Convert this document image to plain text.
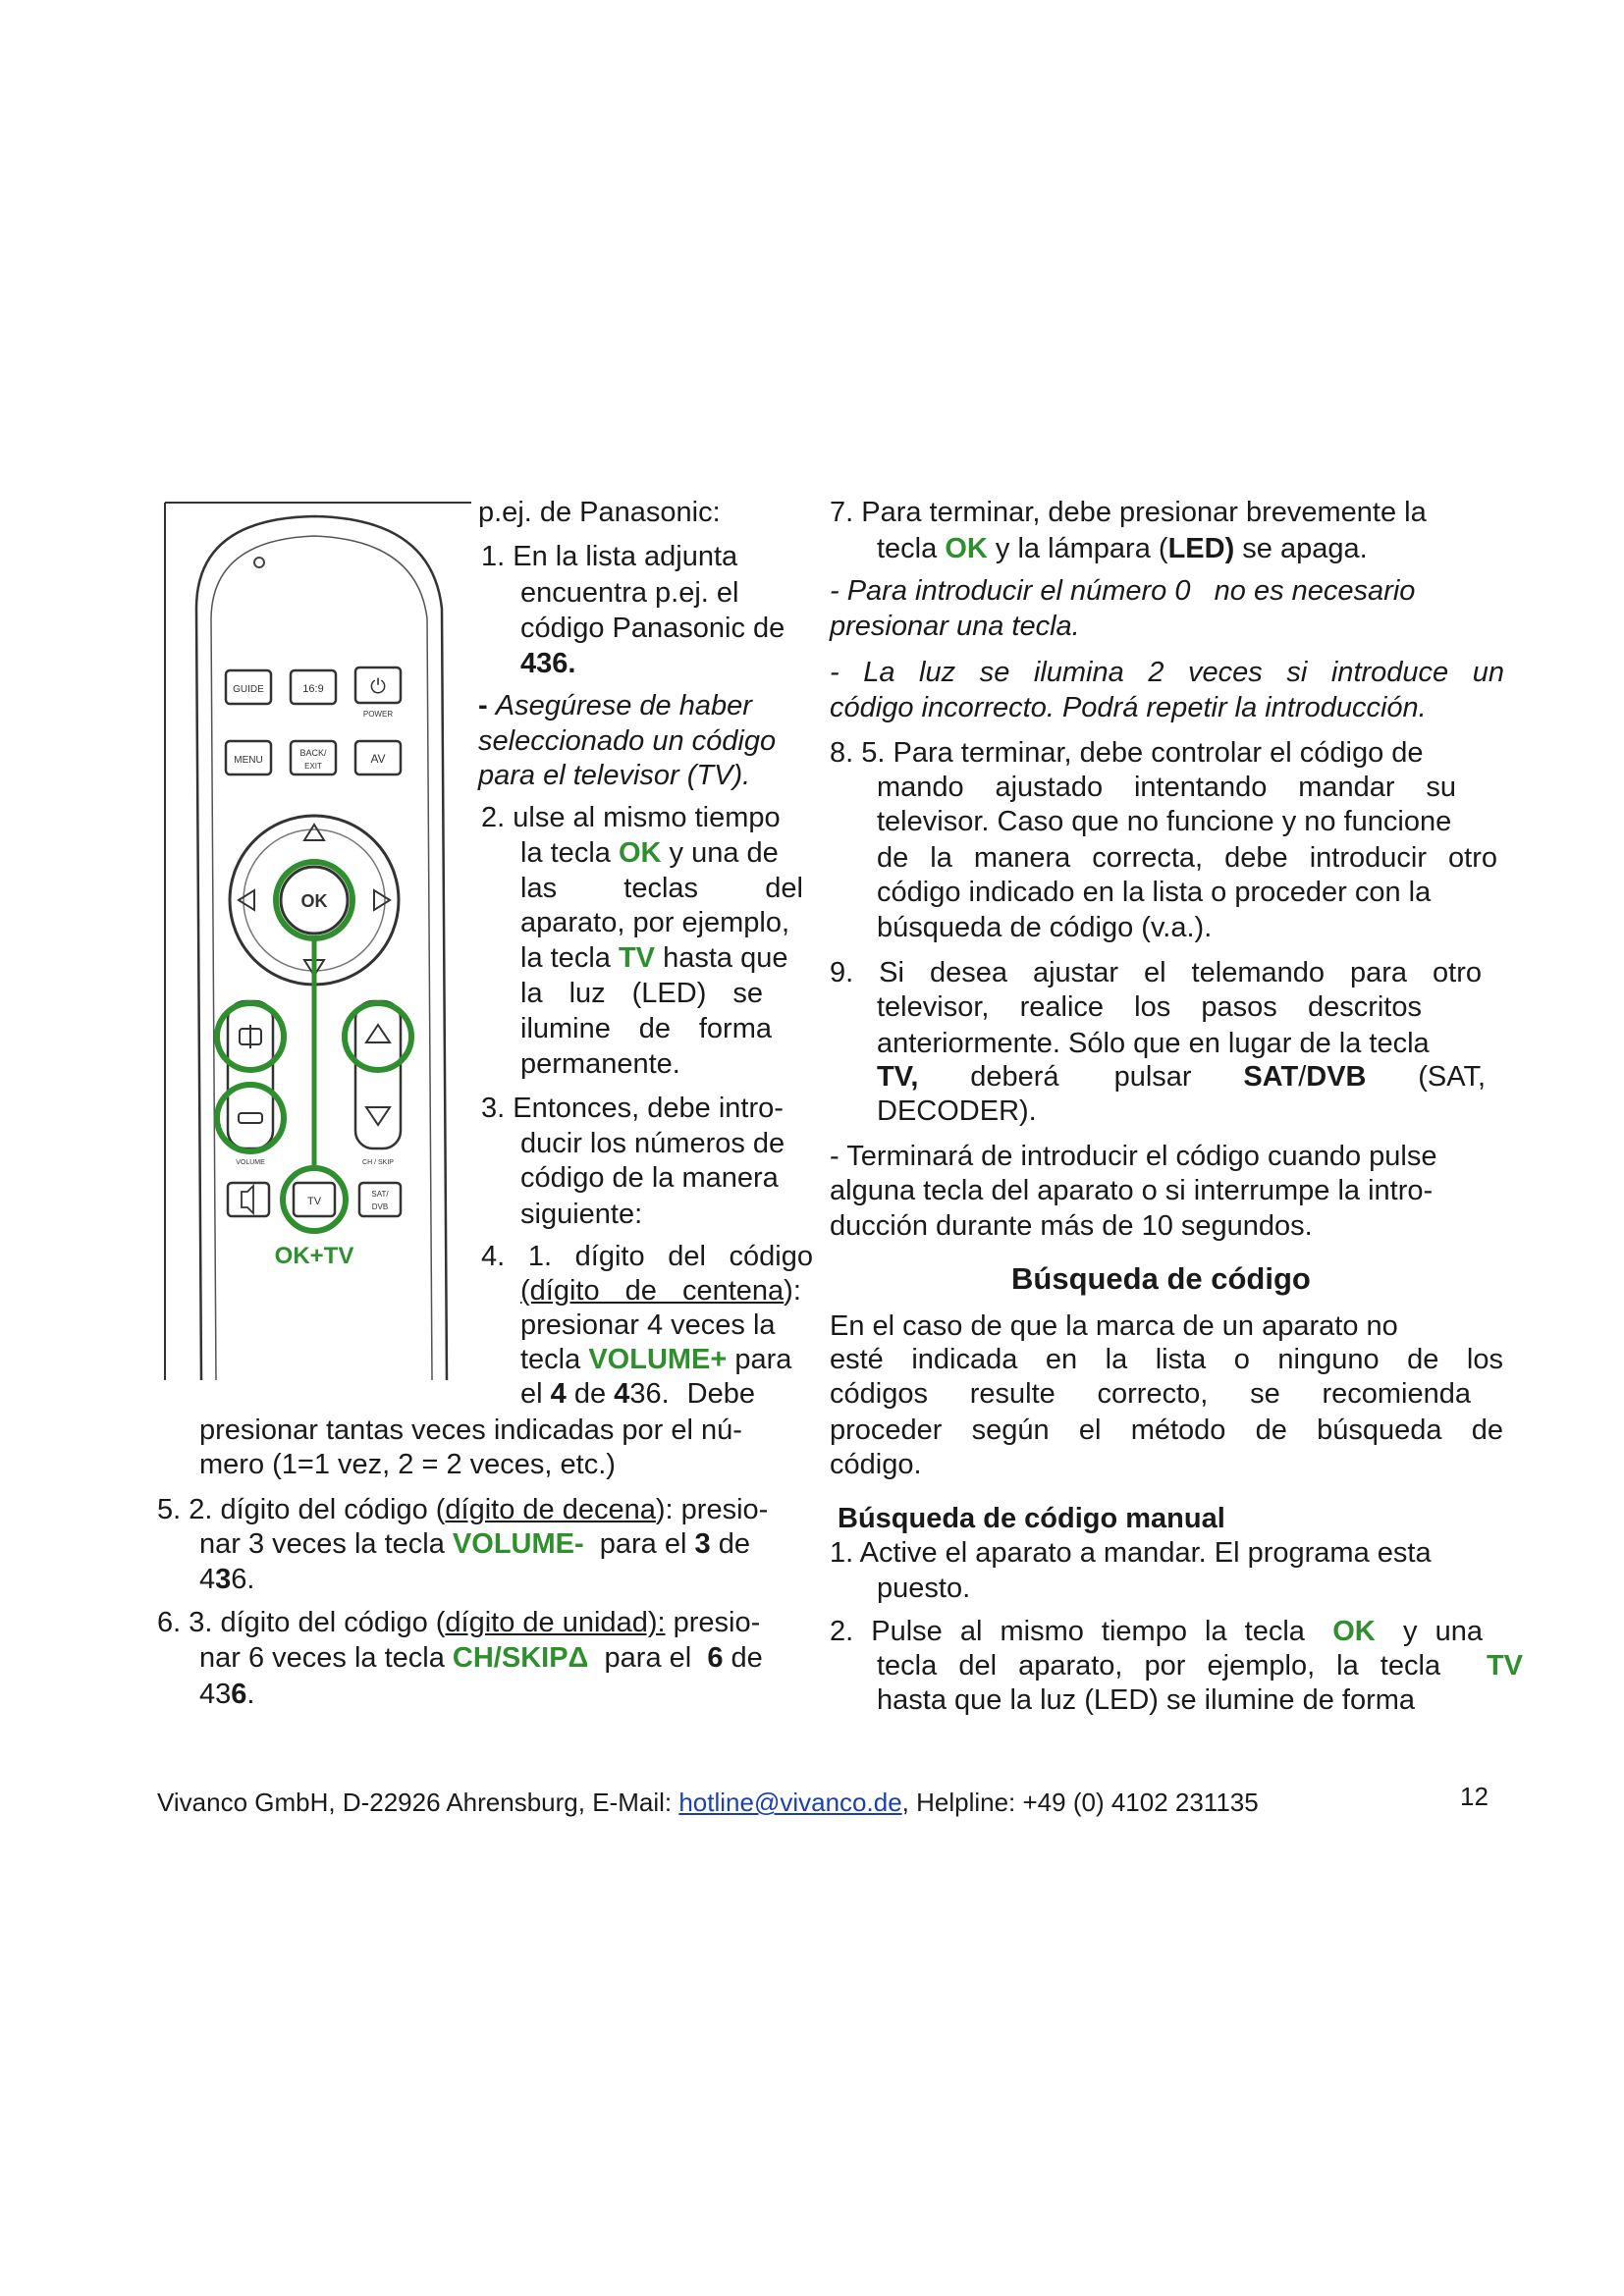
GUIDE	16:9 ⏻
POWER
MENU
BACK/
EXIT
AV
OK
VOLUME	CH / SKIP
TV
SAT/
DVB
OK+TV
p.ej. de Panasonic:
1. En la lista adjunta
encuentra p.ej. el
código Panasonic de
436.
- Asegúrese de haber
seleccionado un código
para el televisor (TV).
2. ulse al mismo tiempo
la tecla OK y una de
las teclas del
aparato, por ejemplo,
la tecla TV hasta que
la luz (LED) se
ilumine de forma
permanente.
3. Entonces, debe intro-
ducir los números de
código de la manera
siguiente:
4. 1. dígito del código
(dígito de centena):
presionar 4 veces la
tecla VOLUME+ para
el 4 de 436. Debe
presionar tantas veces indicadas por el nú-
mero (1=1 vez, 2 = 2 veces, etc.)
5. 2. dígito del código (dígito de decena): presio-
nar 3 veces la tecla VOLUME- para el 3 de
436.
6. 3. dígito del código (dígito de unidad): presio-
nar 6 veces la tecla CH/SKIPΔ para el 6 de
436.
7. Para terminar, debe presionar brevemente la
tecla OK y la lámpara (LED) se apaga.
- Para introducir el número 0   no es necesario
presionar una tecla.
- La luz se ilumina 2 veces si introduce un
código incorrecto. Podrá repetir la introducción.
8. 5. Para terminar, debe controlar el código de
mando ajustado intentando mandar su
televisor. Caso que no funcione y no funcione
de la manera correcta, debe introducir otro
código indicado en la lista o proceder con la
búsqueda de código (v.a.).
9. Si desea ajustar el telemando para otro
televisor, realice los pasos descritos
anteriormente. Sólo que en lugar de la tecla
TV, deberá pulsar SAT/DVB (SAT,
DECODER).
- Terminará de introducir el código cuando pulse
alguna tecla del aparato o si interrumpe la intro-
ducción durante más de 10 segundos.
Búsqueda de código
En el caso de que la marca de un aparato no
esté indicada en la lista o ninguno de los
códigos resulte correcto, se recomienda
proceder según el método de búsqueda de
código.
Búsqueda de código manual
1. Active el aparato a mandar. El programa esta
puesto.
2. Pulse al mismo tiempo la tecla OK y una
tecla del aparato, por ejemplo, la tecla TV
hasta que la luz (LED) se ilumine de forma
Vivanco GmbH, D-22926 Ahrensburg, E-Mail: hotline@vivanco.de, Helpline: +49 (0) 4102 231135	12
